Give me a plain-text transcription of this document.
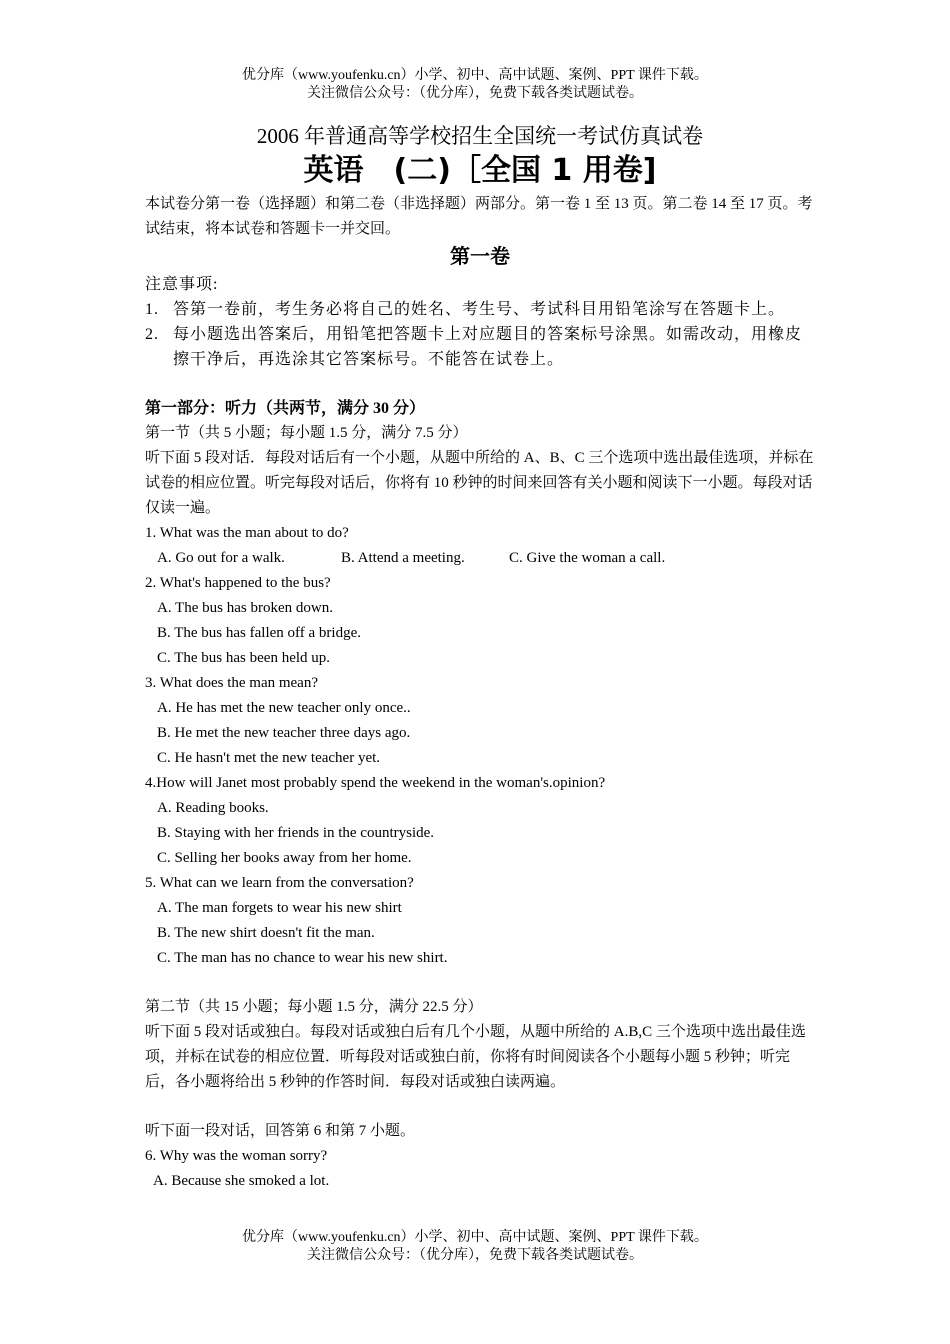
优分库（www.youfenku.cn）小学、初中、高中试题、案例、PPT 课件下载。
关注微信公众号：（优分库），免费下载各类试题试卷。
2006 年普通高等学校招生全国统一考试仿真试卷
英语　(二)［全国 1 用卷]
本试卷分第一卷（选择题）和第二卷（非选择题）两部分。第一卷 1 至 13 页。第二卷 14 至 17 页。考试结束，将本试卷和答题卡一并交回。
第一卷
注意事项:
1. 答第一卷前，考生务必将自己的姓名、考生号、考试科目用铅笔涂写在答题卡上。
2. 每小题选出答案后，用铅笔把答题卡上对应题目的答案标号涂黑。如需改动，用橡皮擦干净后，再选涂其它答案标号。不能答在试卷上。
第一部分：听力（共两节，满分 30 分）
第一节（共 5 小题；每小题 1.5 分，满分 7.5 分）
听下面 5 段对话．每段对话后有一个小题，从题中所给的 A、B、C 三个选项中选出最佳选项，并标在试卷的相应位置。听完每段对话后，你将有 10 秒钟的时间来回答有关小题和阅读下一小题。每段对话仅读一遍。
1. What was the man about to do?
A. Go out for a walk.	B. Attend a meeting.	C. Give the woman a call.
2. What's happened to the bus?
A. The bus has broken down.
B. The bus has fallen off a bridge.
C. The bus has been held up.
3. What does the man mean?
A. He has met the new teacher only once..
B. He met the new teacher three days ago.
C. He hasn't met the new teacher yet.
4.How will Janet most probably spend the weekend in the woman's.opinion?
A. Reading books.
B. Staying with her friends in the countryside.
C. Selling her books away from her home.
5. What can we learn from the conversation?
A. The man forgets to wear his new shirt
B. The new shirt doesn't fit the man.
C. The man has no chance to wear his new shirt.
第二节（共 15 小题；每小题 1.5 分，满分 22.5 分）
听下面 5 段对话或独白。每段对话或独白后有几个小题，从题中所给的 A.B,C 三个选项中选出最佳选项，并标在试卷的相应位置．听每段对话或独白前，你将有时间阅读各个小题每小题 5 秒钟；听完后，各小题将给出 5 秒钟的作答时间．每段对话或独白读两遍。
听下面一段对话，回答第 6 和第 7 小题。
6. Why was the woman sorry?
A. Because she smoked a lot.
优分库（www.youfenku.cn）小学、初中、高中试题、案例、PPT 课件下载。
关注微信公众号：（优分库），免费下载各类试题试卷。
